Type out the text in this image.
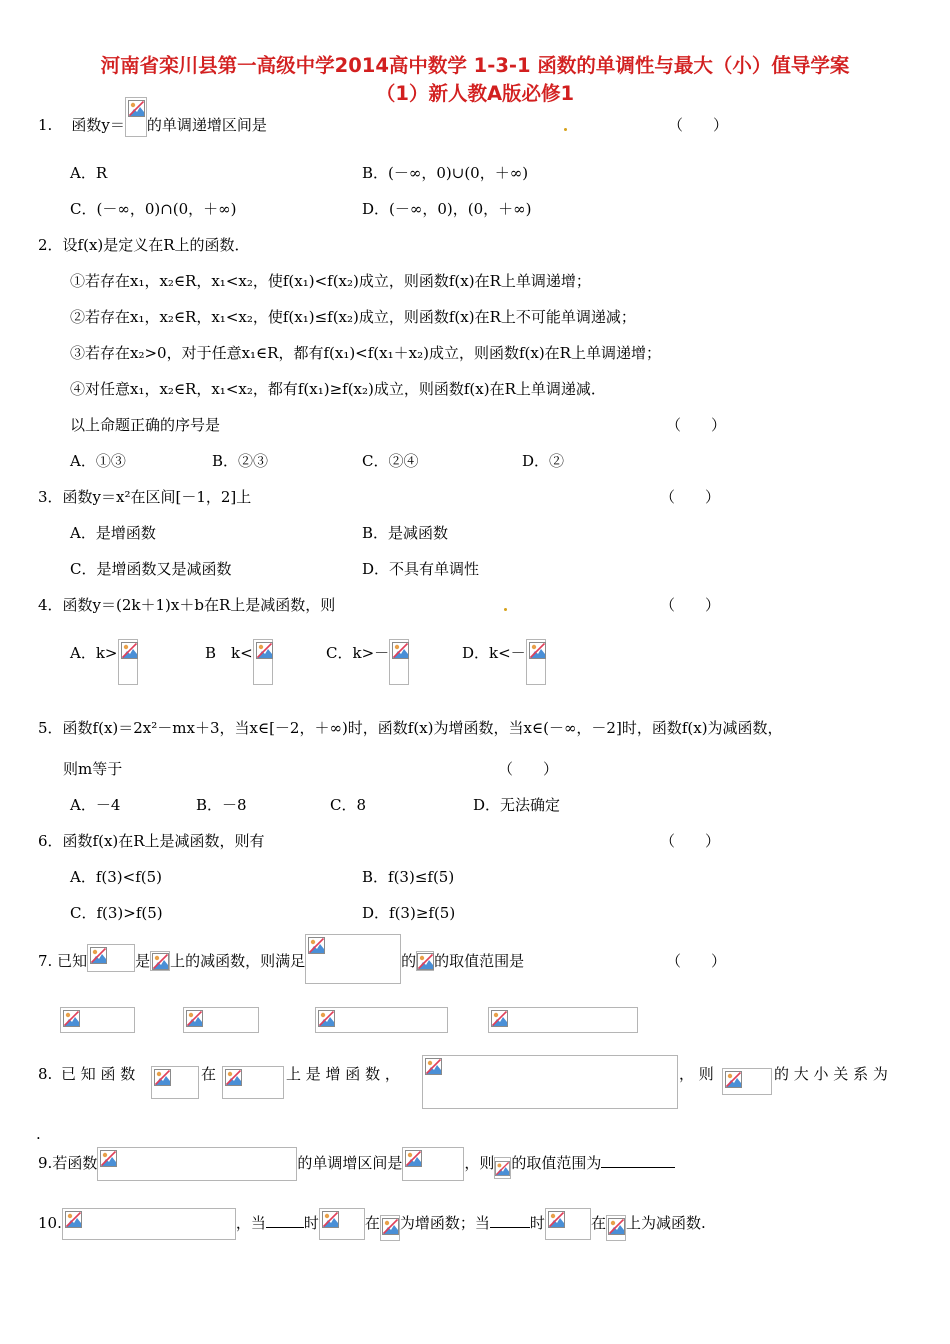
河南省栾川县第一高级中学2014高中数学 1-3-1 函数的单调性与最大（小）值导学案
（1）新人教A版必修1
1. 函数y＝ 的单调递增区间是	（　　）
A．R	B．(－∞，0)∪(0，＋∞)
C．(－∞，0)∩(0，＋∞)	D．(－∞，0)，(0，＋∞)
2．设f(x)是定义在R上的函数．
①若存在x₁，x₂∈R，x₁<x₂，使f(x₁)<f(x₂)成立，则函数f(x)在R上单调递增；
②若存在x₁，x₂∈R，x₁<x₂，使f(x₁)≤f(x₂)成立，则函数f(x)在R上不可能单调递减；
③若存在x₂>0，对于任意x₁∈R，都有f(x₁)<f(x₁＋x₂)成立，则函数f(x)在R上单调递增；
④对任意x₁，x₂∈R，x₁<x₂，都有f(x₁)≥f(x₂)成立，则函数f(x)在R上单调递减．
以上命题正确的序号是	（　　）
A．①③	B．②③	C．②④	D．②
3．函数y＝x²在区间[－1，2]上	（　　）
A．是增函数	B．是减函数
C．是增函数又是减函数	D．不具有单调性
4．函数y＝(2k＋1)x＋b在R上是减函数，则	（　　）
A．k>	B　k<	C．k>－	D．k<－
5．函数f(x)＝2x²－mx＋3，当x∈[－2，＋∞)时，函数f(x)为增函数，当x∈(－∞，－2]时，函数f(x)为减函数，
则m等于	（　　）
A．－4	B．－8	C．8	D．无法确定
6．函数f(x)在R上是减函数，则有	（　　）
A．f(3)<f(5)	B．f(3)≤f(5)
C．f(3)>f(5)	D．f(3)≥f(5)
7. 已知	是 上的减函数，则满足	的 的取值范围是	（　　）
8. 已 知 函 数	在	上 是 增 函 数 ，	， 则	的 大 小 关 系 为
.
9.若函数	的单调增区间是	，则 的取值范围为
10.	，当	时	在 为增函数；当	时	在 上为减函数.
